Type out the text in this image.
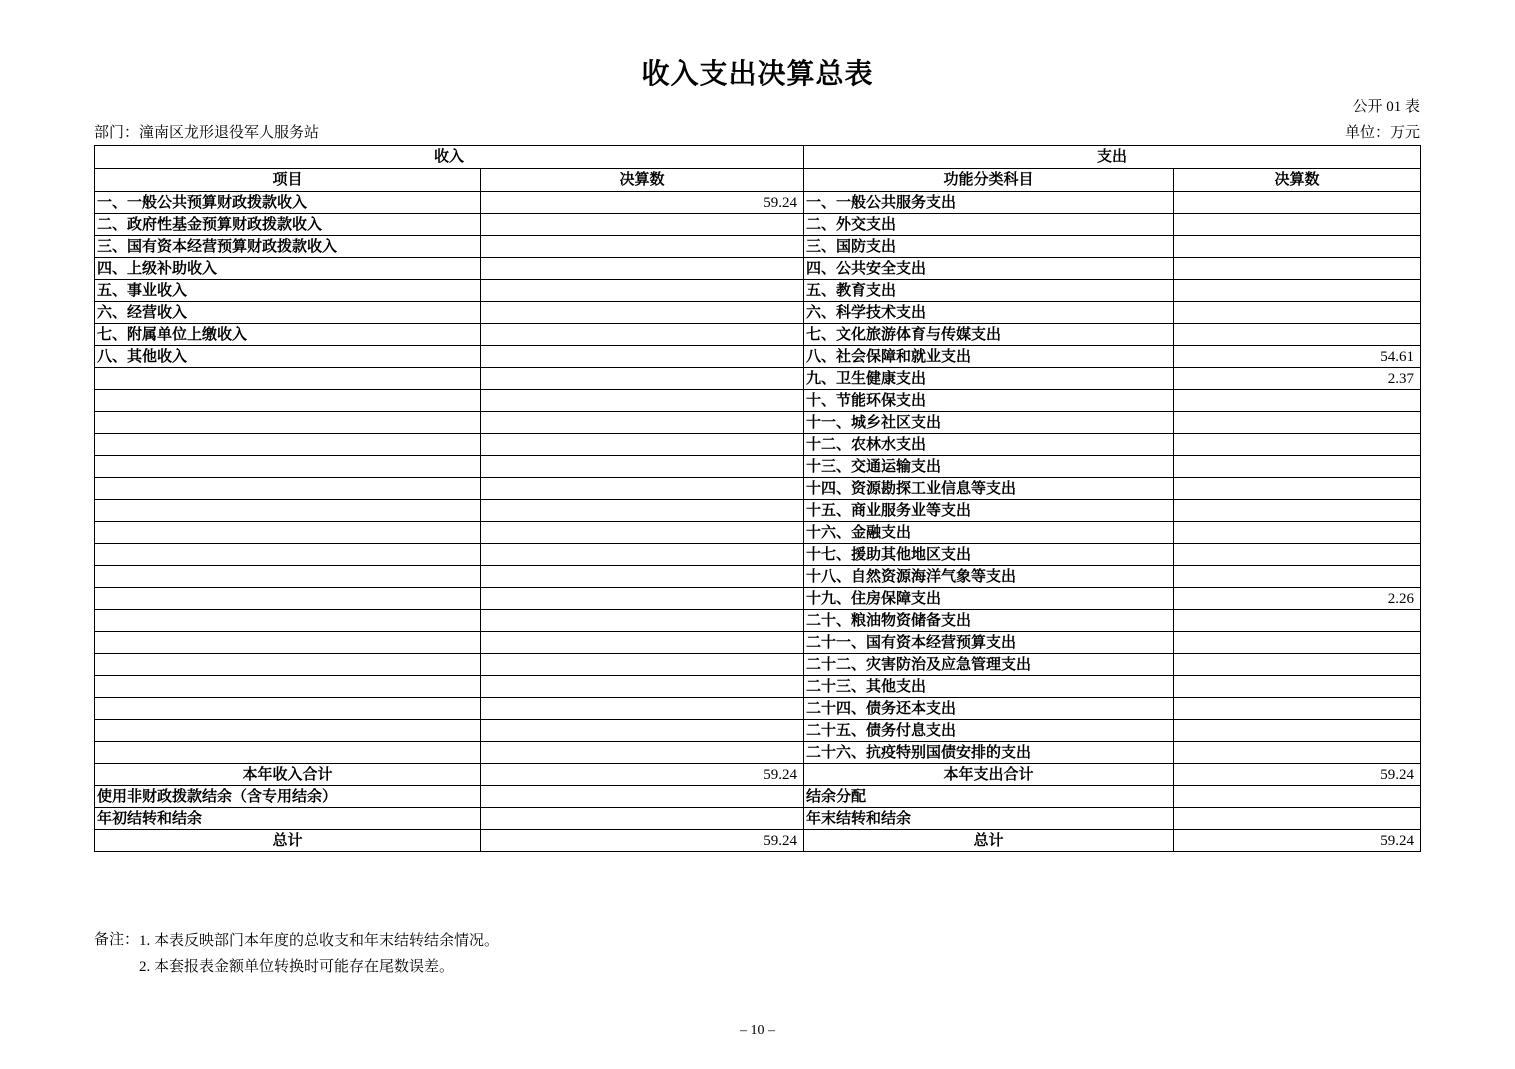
收入支出决算总表
公开 01 表
部门：潼南区龙形退役军人服务站	单位：万元
收入		支出	
项目	决算数	功能分类科目	决算数
一、一般公共预算财政拨款收入	59.24	一、一般公共服务支出	
二、政府性基金预算财政拨款收入		二、外交支出	
三、国有资本经营预算财政拨款收入		三、国防支出	
四、上级补助收入		四、公共安全支出	
五、事业收入		五、教育支出	
六、经营收入		六、科学技术支出	
七、附属单位上缴收入		七、文化旅游体育与传媒支出	
八、其他收入		八、社会保障和就业支出	54.61
		九、卫生健康支出	2.37
		十、节能环保支出	
		十一、城乡社区支出	
		十二、农林水支出	
		十三、交通运输支出	
		十四、资源勘探工业信息等支出	
		十五、商业服务业等支出	
		十六、金融支出	
		十七、援助其他地区支出	
		十八、自然资源海洋气象等支出	
		十九、住房保障支出	2.26
		二十、粮油物资储备支出	
		二十一、国有资本经营预算支出	
		二十二、灾害防治及应急管理支出	
		二十三、其他支出	
		二十四、债务还本支出	
		二十五、债务付息支出	
		二十六、抗疫特别国债安排的支出	
本年收入合计	59.24	本年支出合计	59.24
使用非财政拨款结余（含专用结余）		结余分配	
年初结转和结余		年末结转和结余	
总计	59.24	总计	59.24
备注： 1. 本表反映部门本年度的总收支和年末结转结余情况。
2. 本套报表金额单位转换时可能存在尾数误差。
– 10 –
